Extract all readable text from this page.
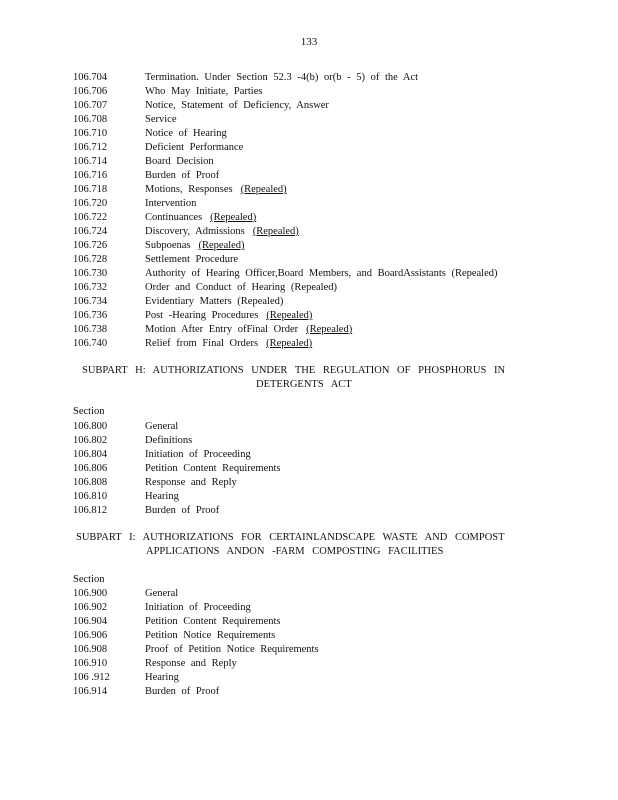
133
106.704	Termination. Under Section 52.3 -4(b) or(b - 5) of the Act
106.706	Who May Initiate, Parties
106.707	Notice, Statement of Deficiency, Answer
106.708	Service
106.710	Notice of Hearing
106.712	Deficient Performance
106.714	Board Decision
106.716	Burden of Proof
106.718	Motions, Responses (Repealed)
106.720	Intervention
106.722	Continuances (Repealed)
106.724	Discovery, Admissions (Repealed)
106.726	Subpoenas (Repealed)
106.728	Settlement Procedure
106.730	Authority of Hearing Officer,Board Members, and BoardAssistants (Repealed)
106.732	Order and Conduct of Hearing (Repealed)
106.734	Evidentiary Matters (Repealed)
106.736	Post -Hearing Procedures (Repealed)
106.738	Motion After Entry ofFinal Order (Repealed)
106.740	Relief from Final Orders (Repealed)
SUBPART H: AUTHORIZATIONS UNDER THE REGULATION OF PHOSPHORUS IN
DETERGENTS ACT
Section
106.800	General
106.802	Definitions
106.804	Initiation of Proceeding
106.806	Petition Content Requirements
106.808	Response and Reply
106.810	Hearing
106.812	Burden of Proof
SUBPART I: AUTHORIZATIONS FOR CERTAINLANDSCAPE WASTE AND COMPOST
APPLICATIONS ANDON -FARM COMPOSTING FACILITIES
Section
106.900	General
106.902	Initiation of Proceeding
106.904	Petition Content Requirements
106.906	Petition Notice Requirements
106.908	Proof of Petition Notice Requirements
106.910	Response and Reply
106 .912	Hearing
106.914	Burden of Proof
